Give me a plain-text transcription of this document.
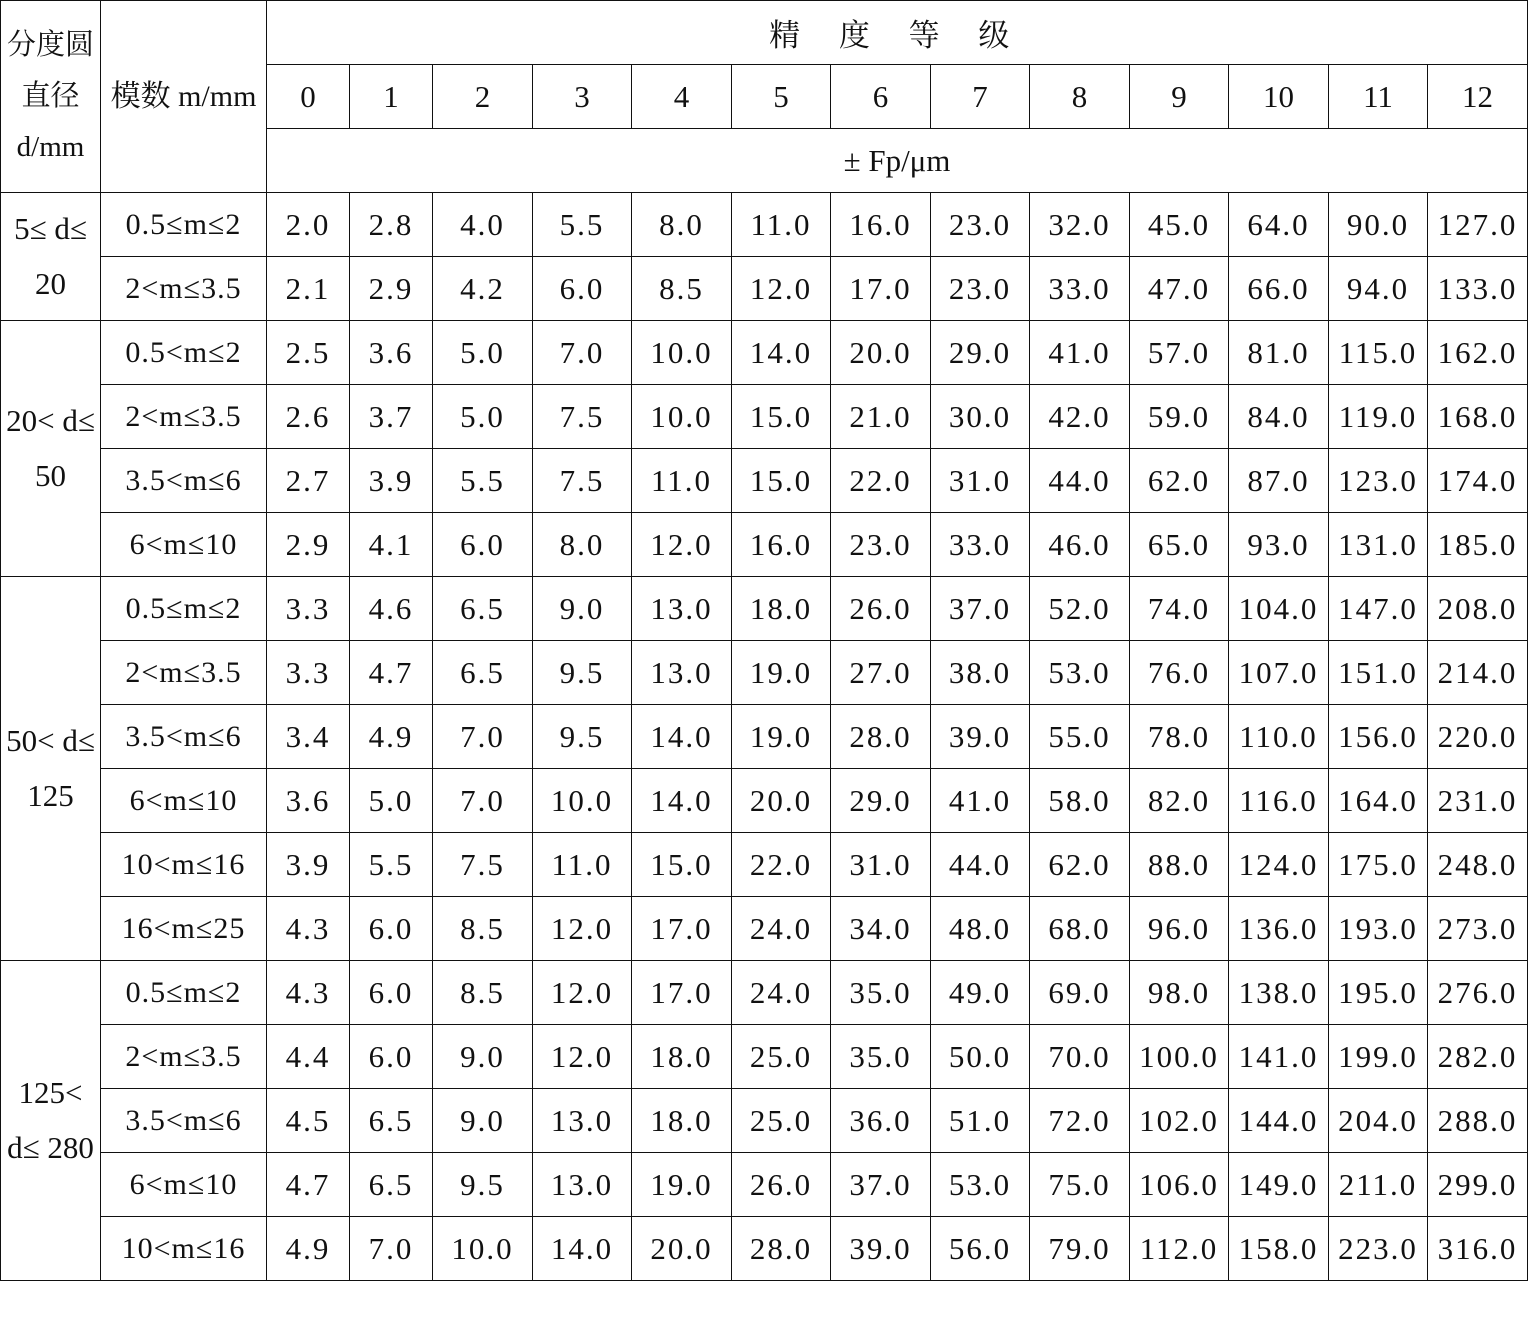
分度圆直径 d/mm	模数 m/mm	精 度 等 级												
		0	1	2	3	4	5	6	7	8	9	10	11	12
		± Fp/μm												
5≤ d≤ 20	0.5≤m≤2	2.0	2.8	4.0	5.5	8.0	11.0	16.0	23.0	32.0	45.0	64.0	90.0	127.0
	2<m≤3.5	2.1	2.9	4.2	6.0	8.5	12.0	17.0	23.0	33.0	47.0	66.0	94.0	133.0
20< d≤ 50	0.5<m≤2	2.5	3.6	5.0	7.0	10.0	14.0	20.0	29.0	41.0	57.0	81.0	115.0	162.0
	2<m≤3.5	2.6	3.7	5.0	7.5	10.0	15.0	21.0	30.0	42.0	59.0	84.0	119.0	168.0
	3.5<m≤6	2.7	3.9	5.5	7.5	11.0	15.0	22.0	31.0	44.0	62.0	87.0	123.0	174.0
	6<m≤10	2.9	4.1	6.0	8.0	12.0	16.0	23.0	33.0	46.0	65.0	93.0	131.0	185.0
50< d≤ 125	0.5≤m≤2	3.3	4.6	6.5	9.0	13.0	18.0	26.0	37.0	52.0	74.0	104.0	147.0	208.0
	2<m≤3.5	3.3	4.7	6.5	9.5	13.0	19.0	27.0	38.0	53.0	76.0	107.0	151.0	214.0
	3.5<m≤6	3.4	4.9	7.0	9.5	14.0	19.0	28.0	39.0	55.0	78.0	110.0	156.0	220.0
	6<m≤10	3.6	5.0	7.0	10.0	14.0	20.0	29.0	41.0	58.0	82.0	116.0	164.0	231.0
	10<m≤16	3.9	5.5	7.5	11.0	15.0	22.0	31.0	44.0	62.0	88.0	124.0	175.0	248.0
	16<m≤25	4.3	6.0	8.5	12.0	17.0	24.0	34.0	48.0	68.0	96.0	136.0	193.0	273.0
125< d≤ 280	0.5≤m≤2	4.3	6.0	8.5	12.0	17.0	24.0	35.0	49.0	69.0	98.0	138.0	195.0	276.0
	2<m≤3.5	4.4	6.0	9.0	12.0	18.0	25.0	35.0	50.0	70.0	100.0	141.0	199.0	282.0
	3.5<m≤6	4.5	6.5	9.0	13.0	18.0	25.0	36.0	51.0	72.0	102.0	144.0	204.0	288.0
	6<m≤10	4.7	6.5	9.5	13.0	19.0	26.0	37.0	53.0	75.0	106.0	149.0	211.0	299.0
	10<m≤16	4.9	7.0	10.0	14.0	20.0	28.0	39.0	56.0	79.0	112.0	158.0	223.0	316.0
